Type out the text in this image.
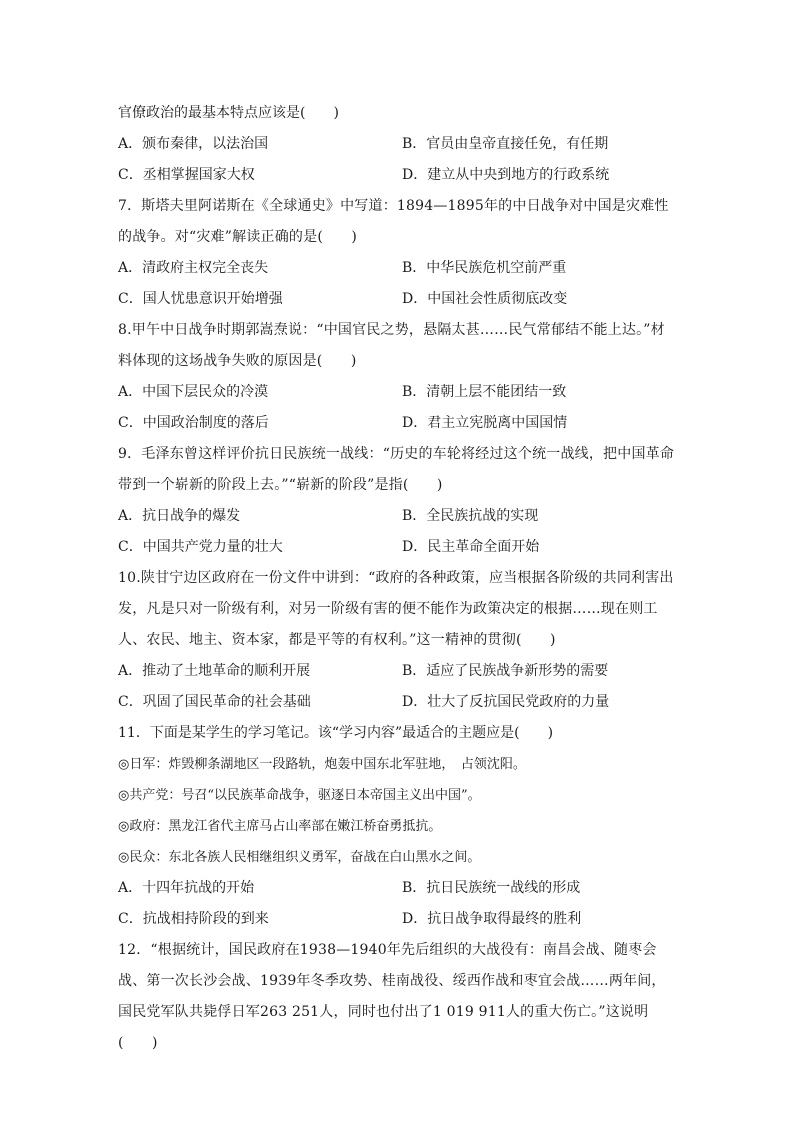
官僚政治的最基本特点应该是(　　)
A．颁布秦律，以法治国	B．官员由皇帝直接任免，有任期
C．丞相掌握国家大权	D．建立从中央到地方的行政系统
7．斯塔夫里阿诺斯在《全球通史》中写道：1894—1895年的中日战争对中国是灾难性的战争。对“灾难”解读正确的是(　　)
A．清政府主权完全丧失	B．中华民族危机空前严重
C．国人忧患意识开始增强	D．中国社会性质彻底改变
8.甲午中日战争时期郭嵩焘说：“中国官民之势，悬隔太甚……民气常郁结不能上达。”材料体现的这场战争失败的原因是(　　)
A．中国下层民众的冷漠	B．清朝上层不能团结一致
C．中国政治制度的落后	D．君主立宪脱离中国国情
9．毛泽东曾这样评价抗日民族统一战线：“历史的车轮将经过这个统一战线，把中国革命带到一个崭新的阶段上去。”“崭新的阶段”是指(　　)
A．抗日战争的爆发	B．全民族抗战的实现
C．中国共产党力量的壮大	D．民主革命全面开始
10.陕甘宁边区政府在一份文件中讲到：“政府的各种政策，应当根据各阶级的共同利害出发，凡是只对一阶级有利，对另一阶级有害的便不能作为政策决定的根据……现在则工人、农民、地主、资本家，都是平等的有权利。”这一精神的贯彻(　　)
A．推动了土地革命的顺利开展	B．适应了民族战争新形势的需要
C．巩固了国民革命的社会基础	D．壮大了反抗国民党政府的力量
11．下面是某学生的学习笔记。该“学习内容”最适合的主题应是(　　)
◎日军：炸毁柳条湖地区一段路轨，炮轰中国东北军驻地，　占领沈阳。
◎共产党：号召“以民族革命战争，驱逐日本帝国主义出中国”。
◎政府：黑龙江省代主席马占山率部在嫩江桥奋勇抵抗。
◎民众：东北各族人民相继组织义勇军，奋战在白山黑水之间。
A．十四年抗战的开始	B．抗日民族统一战线的形成
C．抗战相持阶段的到来	D．抗日战争取得最终的胜利
12．“根据统计，国民政府在1938—1940年先后组织的大战役有：南昌会战、随枣会战、第一次长沙会战、1939年冬季攻势、桂南战役、绥西作战和枣宜会战……两年间，国民党军队共毙俘日军263 251人，同时也付出了1 019 911人的重大伤亡。”这说明(　　)
